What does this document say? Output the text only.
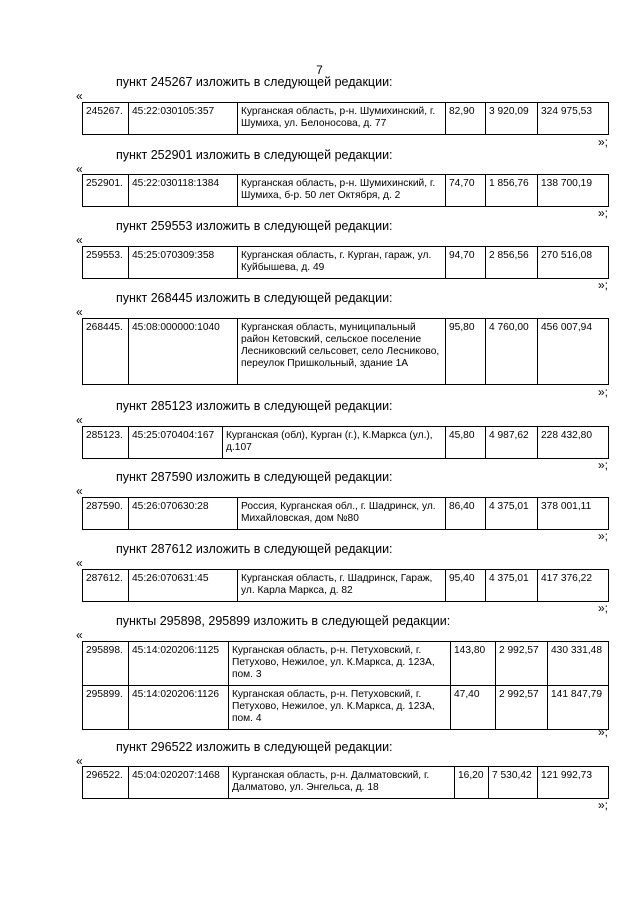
7
пункт 245267 изложить в следующей редакции:
«
245267.	45:22:030105:357	Курганская область, р-н. Шумихинский, г. Шумиха, ул. Белоносова, д. 77	82,90	3 920,09	324 975,53
»;
пункт 252901 изложить в следующей редакции:
«
252901.	45:22:030118:1384	Курганская область, р-н. Шумихинский, г. Шумиха, б-р. 50 лет Октября, д. 2	74,70	1 856,76	138 700,19
»;
пункт 259553 изложить в следующей редакции:
«
259553.	45:25:070309:358	Курганская область, г. Курган, гараж, ул. Куйбышева, д. 49	94,70	2 856,56	270 516,08
»;
пункт 268445 изложить в следующей редакции:
«
268445.	45:08:000000:1040	Курганская область, муниципальный район Кетовский, сельское поселение Лесниковский сельсовет, село Лесниково, переулок Пришкольный, здание 1А	95,80	4 760,00	456 007,94
»;
пункт 285123 изложить в следующей редакции:
«
285123.	45:25:070404:167	Курганская (обл), Курган (г.), К.Маркса (ул.), д.107	45,80	4 987,62	228 432,80
»;
пункт 287590 изложить в следующей редакции:
«
287590.	45:26:070630:28	Россия, Курганская обл., г. Шадринск, ул. Михайловская, дом №80	86,40	4 375,01	378 001,11
»;
пункт 287612 изложить в следующей редакции:
«
287612.	45:26:070631:45	Курганская область, г. Шадринск, Гараж, ул. Карла Маркса, д. 82	95,40	4 375,01	417 376,22
»;
пункты 295898, 295899 изложить в следующей редакции:
«
295898.	45:14:020206:1125	Курганская область, р-н. Петуховский, г. Петухово, Нежилое, ул. К.Маркса, д. 123А, пом. 3	143,80	2 992,57	430 331,48
295899.	45:14:020206:1126	Курганская область, р-н. Петуховский, г. Петухово, Нежилое, ул. К.Маркса, д. 123А, пом. 4	47,40	2 992,57	141 847,79
»;
пункт 296522 изложить в следующей редакции:
«
296522.	45:04:020207:1468	Курганская область, р-н. Далматовский, г. Далматово, ул. Энгельса, д. 18	16,20	7 530,42	121 992,73
»;
